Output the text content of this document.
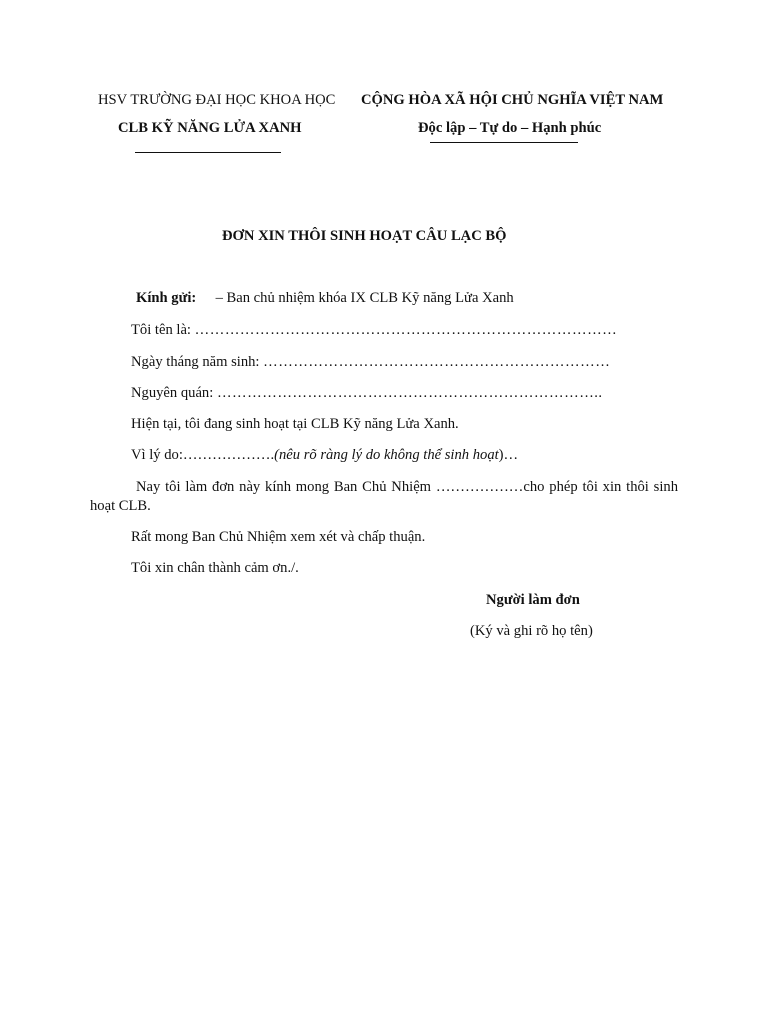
HSV TRƯỜNG ĐẠI HỌC KHOA HỌC
CLB KỸ NĂNG LỬA XANH
CỘNG HÒA XÃ HỘI CHỦ NGHĨA VIỆT NAM
Độc lập – Tự do – Hạnh phúc
ĐƠN XIN THÔI SINH HOẠT CÂU LẠC BỘ
Kính gửi: – Ban chủ nhiệm khóa IX CLB Kỹ năng Lửa Xanh
Tôi tên là: …………………………………………………………………………
Ngày tháng năm sinh: ……………………………………………………………
Nguyên quán: …………………………………………………………………..
Hiện tại, tôi đang sinh hoạt tại CLB Kỹ năng Lửa Xanh.
Vì lý do:……………….(nêu rõ ràng lý do không thể sinh hoạt)…
Nay tôi làm đơn này kính mong Ban Chủ Nhiệm ………………cho phép tôi xin thôi sinh hoạt CLB.
Rất mong Ban Chủ Nhiệm xem xét và chấp thuận.
Tôi xin chân thành cảm ơn./.
Người làm đơn
(Ký và ghi rõ họ tên)
